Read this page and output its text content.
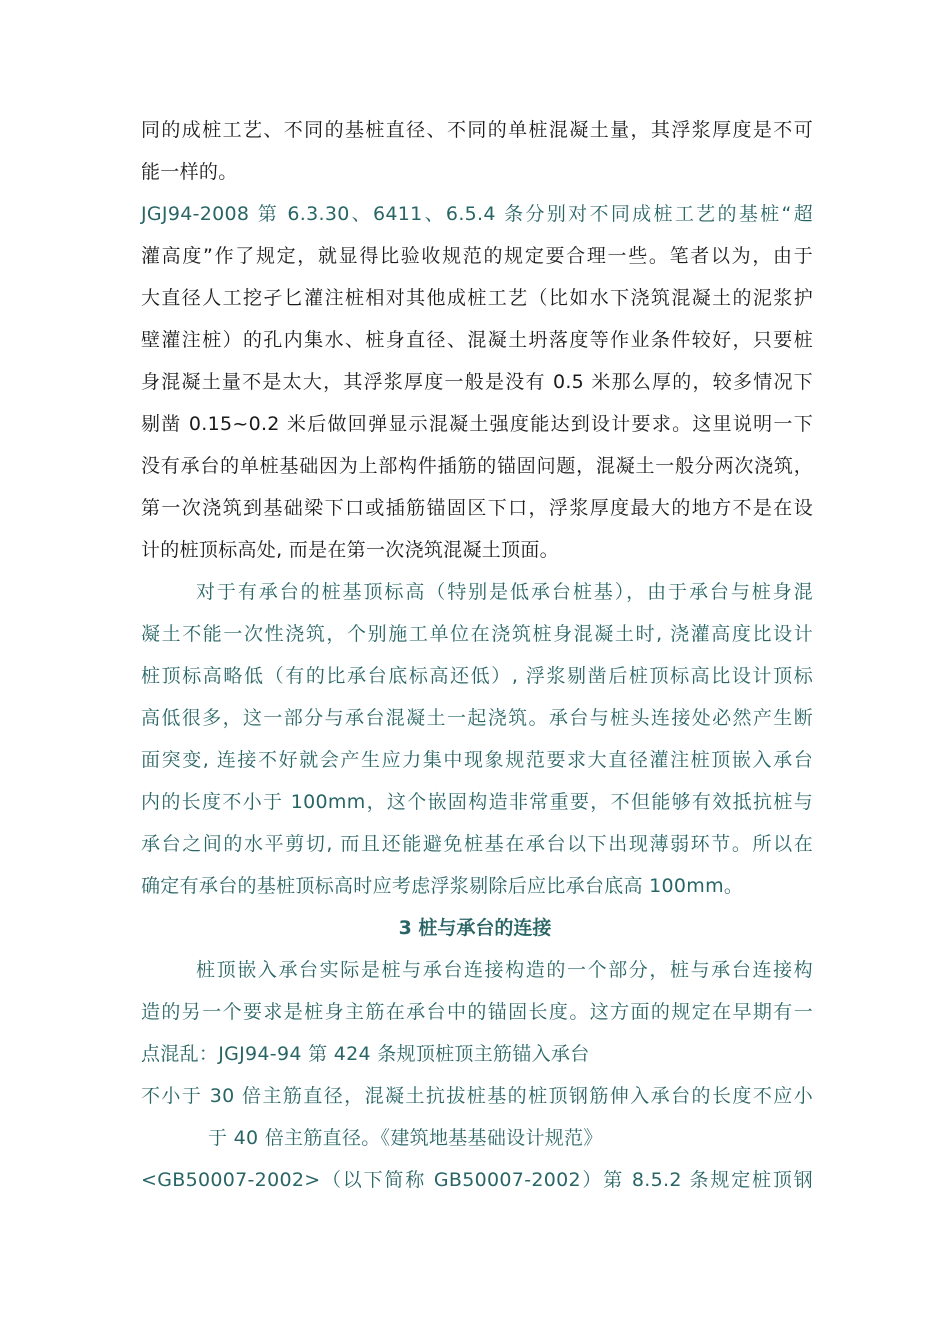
同的成桩工艺、不同的基桩直径、不同的单桩混凝土量，其浮浆厚度是不可
能一样的。
JGJ94-2008 第 6.3.30、6411、6.5.4 条分别对不同成桩工艺的基桩“超
灌高度”作了规定，就显得比验收规范的规定要合理一些。笔者以为，由于
大直径人工挖孑匕灌注桩相对其他成桩工艺（比如水下浇筑混凝土的泥浆护
壁灌注桩）的孔内集水、桩身直径、混凝土坍落度等作业条件较好，只要桩
身混凝土量不是太大，其浮浆厚度一般是没有 0.5 米那么厚的，较多情况下
剔凿 0.15~0.2 米后做回弹显示混凝土强度能达到设计要求。这里说明一下
没有承台的单桩基础因为上部构件插筋的锚固问题，混凝土一般分两次浇筑，
第一次浇筑到基础梁下口或插筋锚固区下口，浮浆厚度最大的地方不是在设
计的桩顶标高处, 而是在第一次浇筑混凝土顶面。
对于有承台的桩基顶标高（特别是低承台桩基），由于承台与桩身混
凝土不能一次性浇筑，个别施工单位在浇筑桩身混凝土时, 浇灌高度比设计
桩顶标高略低（有的比承台底标高还低）, 浮浆剔凿后桩顶标高比设计顶标
高低很多，这一部分与承台混凝土一起浇筑。承台与桩头连接处必然产生断
面突变, 连接不好就会产生应力集中现象规范要求大直径灌注桩顶嵌入承台
内的长度不小于 100mm，这个嵌固构造非常重要，不但能够有效抵抗桩与
承台之间的水平剪切, 而且还能避免桩基在承台以下出现薄弱环节。所以在
确定有承台的基桩顶标高时应考虑浮浆剔除后应比承台底高 100mm。
3 桩与承台的连接
桩顶嵌入承台实际是桩与承台连接构造的一个部分，桩与承台连接构
造的另一个要求是桩身主筋在承台中的锚固长度。这方面的规定在早期有一
点混乱：JGJ94-94 第 424 条规顶桩顶主筋锚入承台
不小于 30 倍主筋直径，混凝土抗拔桩基的桩顶钢筋伸入承台的长度不应小
于 40 倍主筋直径。《建筑地基基础设计规范》
<GB50007-2002>（以下简称 GB50007-2002）第 8.5.2 条规定桩顶钢
